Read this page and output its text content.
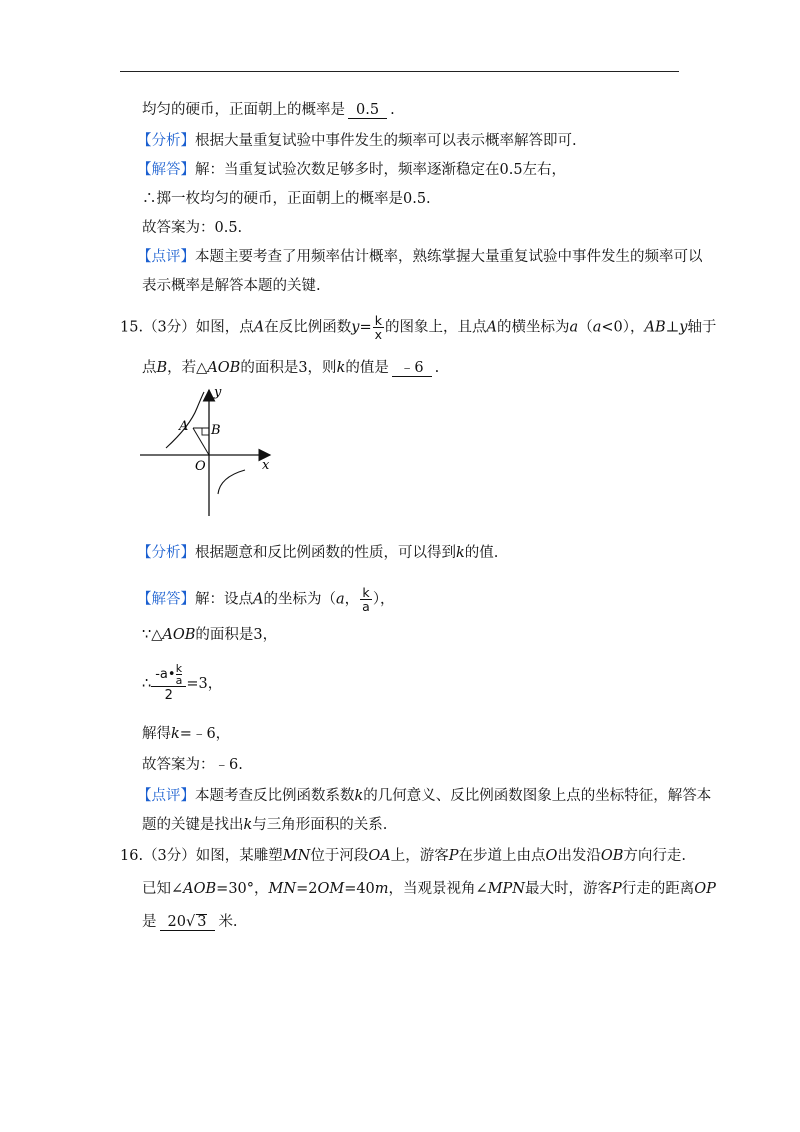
均匀的硬币，正面朝上的概率是 0.5 .
【分析】根据大量重复试验中事件发生的频率可以表示概率解答即可.
【解答】解：当重复试验次数足够多时，频率逐渐稳定在0.5左右，
∴掷一枚均匀的硬币，正面朝上的概率是0.5.
故答案为：0.5.
【点评】本题主要考查了用频率估计概率，熟练掌握大量重复试验中事件发生的频率可以
表示概率是解答本题的关键.
15.（3分）如图，点A在反比例函数$y= \frac{k}{x}$ 的图象上，且点A的横坐标为a（a<0），AB⊥y轴于
点B，若△AOB的面积是3，则k的值是 ﹣6 .
y
x
O
A B
【分析】根据题意和反比例函数的性质，可以得到k的值.
【解答】解：设点A的坐标为（a， $\frac{k}{a}$ ），
∵△AOB的面积是3，
∴ $\frac{-a• \frac{k}{a}}{2} =3$，
解得k=﹣6，
故答案为：﹣6.
【点评】本题考查反比例函数系数k的几何意义、反比例函数图象上点的坐标特征，解答本
题的关键是找出k与三角形面积的关系.
16.（3分）如图，某雕塑MN位于河段OA上，游客P在步道上由点O出发沿OB方向行走.
已知∠AOB=30°，MN=2OM=40m，当观景视角∠MPN最大时，游客P行走的距离OP
是 20√ 3 米.
